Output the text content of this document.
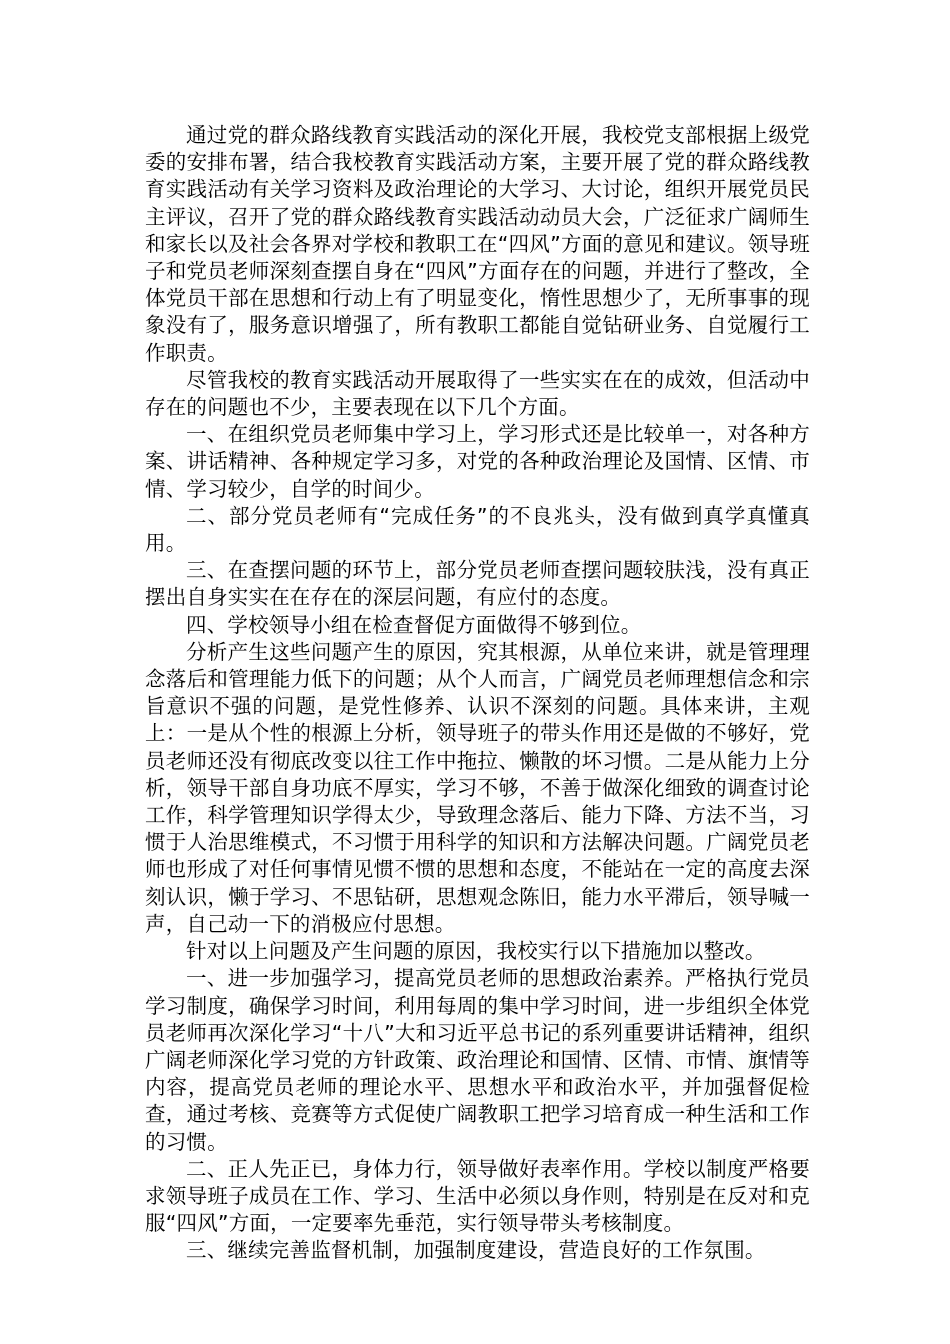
通过党的群众路线教育实践活动的深化开展，我校党支部根据上级党委的安排布署，结合我校教育实践活动方案，主要开展了党的群众路线教育实践活动有关学习资料及政治理论的大学习、大讨论，组织开展党员民主评议，召开了党的群众路线教育实践活动动员大会，广泛征求广阔师生和家长以及社会各界对学校和教职工在“四风”方面的意见和建议。领导班子和党员老师深刻查摆自身在“四风”方面存在的问题，并进行了整改，全体党员干部在思想和行动上有了明显变化，惰性思想少了，无所事事的现象没有了，服务意识增强了，所有教职工都能自觉钻研业务、自觉履行工作职责。

尽管我校的教育实践活动开展取得了一些实实在在的成效，但活动中存在的问题也不少，主要表现在以下几个方面。

一、在组织党员老师集中学习上，学习形式还是比较单一，对各种方案、讲话精神、各种规定学习多，对党的各种政治理论及国情、区情、市情、学习较少，自学的时间少。

二、部分党员老师有“完成任务”的不良兆头，没有做到真学真懂真用。

三、在查摆问题的环节上，部分党员老师查摆问题较肤浅，没有真正摆出自身实实在在存在的深层问题，有应付的态度。

四、学校领导小组在检查督促方面做得不够到位。

分析产生这些问题产生的原因，究其根源，从单位来讲，就是管理理念落后和管理能力低下的问题；从个人而言，广阔党员老师理想信念和宗旨意识不强的问题，是党性修养、认识不深刻的问题。具体来讲，主观上：一是从个性的根源上分析，领导班子的带头作用还是做的不够好，党员老师还没有彻底改变以往工作中拖拉、懒散的坏习惯。二是从能力上分析，领导干部自身功底不厚实，学习不够，不善于做深化细致的调查讨论工作，科学管理知识学得太少，导致理念落后、能力下降、方法不当，习惯于人治思维模式，不习惯于用科学的知识和方法解决问题。广阔党员老师也形成了对任何事情见惯不惯的思想和态度，不能站在一定的高度去深刻认识，懒于学习、不思钻研，思想观念陈旧，能力水平滞后，领导喊一声，自己动一下的消极应付思想。

针对以上问题及产生问题的原因，我校实行以下措施加以整改。

一、进一步加强学习，提高党员老师的思想政治素养。严格执行党员学习制度，确保学习时间，利用每周的集中学习时间，进一步组织全体党员老师再次深化学习“十八”大和习近平总书记的系列重要讲话精神，组织广阔老师深化学习党的方针政策、政治理论和国情、区情、市情、旗情等内容，提高党员老师的理论水平、思想水平和政治水平，并加强督促检查，通过考核、竞赛等方式促使广阔教职工把学习培育成一种生活和工作的习惯。

二、正人先正已，身体力行，领导做好表率作用。学校以制度严格要求领导班子成员在工作、学习、生活中必须以身作则，特别是在反对和克服“四风”方面，一定要率先垂范，实行领导带头考核制度。

三、继续完善监督机制，加强制度建设，营造良好的工作氛围。
